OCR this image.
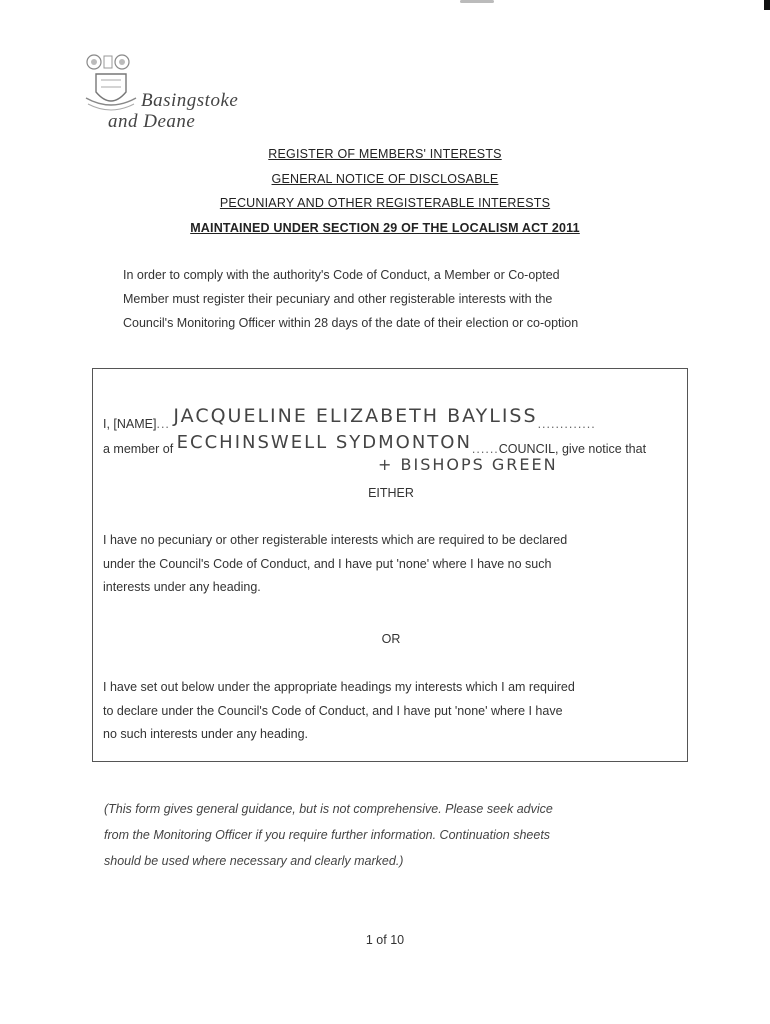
Basingstoke
and Deane
REGISTER OF MEMBERS' INTERESTS
GENERAL NOTICE OF DISCLOSABLE
PECUNIARY AND OTHER REGISTERABLE INTERESTS
MAINTAINED UNDER SECTION 29 OF THE LOCALISM ACT 2011
In order to comply with the authority's Code of Conduct, a Member or Co-opted
Member must register their pecuniary and other registerable interests with the
Council's Monitoring Officer within 28 days of the date of their election or co-option
I, [NAME]... JACQUELINE ELIZABETH BAYLISS.............
a member of ECCHINSWELL SYDMONTON......COUNCIL, give notice that
+ BISHOPS GREEN
EITHER
I have no pecuniary or other registerable interests which are required to be declared
under the Council's Code of Conduct, and I have put 'none' where I have no such
interests under any heading.
OR
I have set out below under the appropriate headings my interests which I am required
to declare under the Council's Code of Conduct, and I have put 'none' where I have
no such interests under any heading.
(This form gives general guidance, but is not comprehensive. Please seek advice
from the Monitoring Officer if you require further information. Continuation sheets
should be used where necessary and clearly marked.)
1 of 10
